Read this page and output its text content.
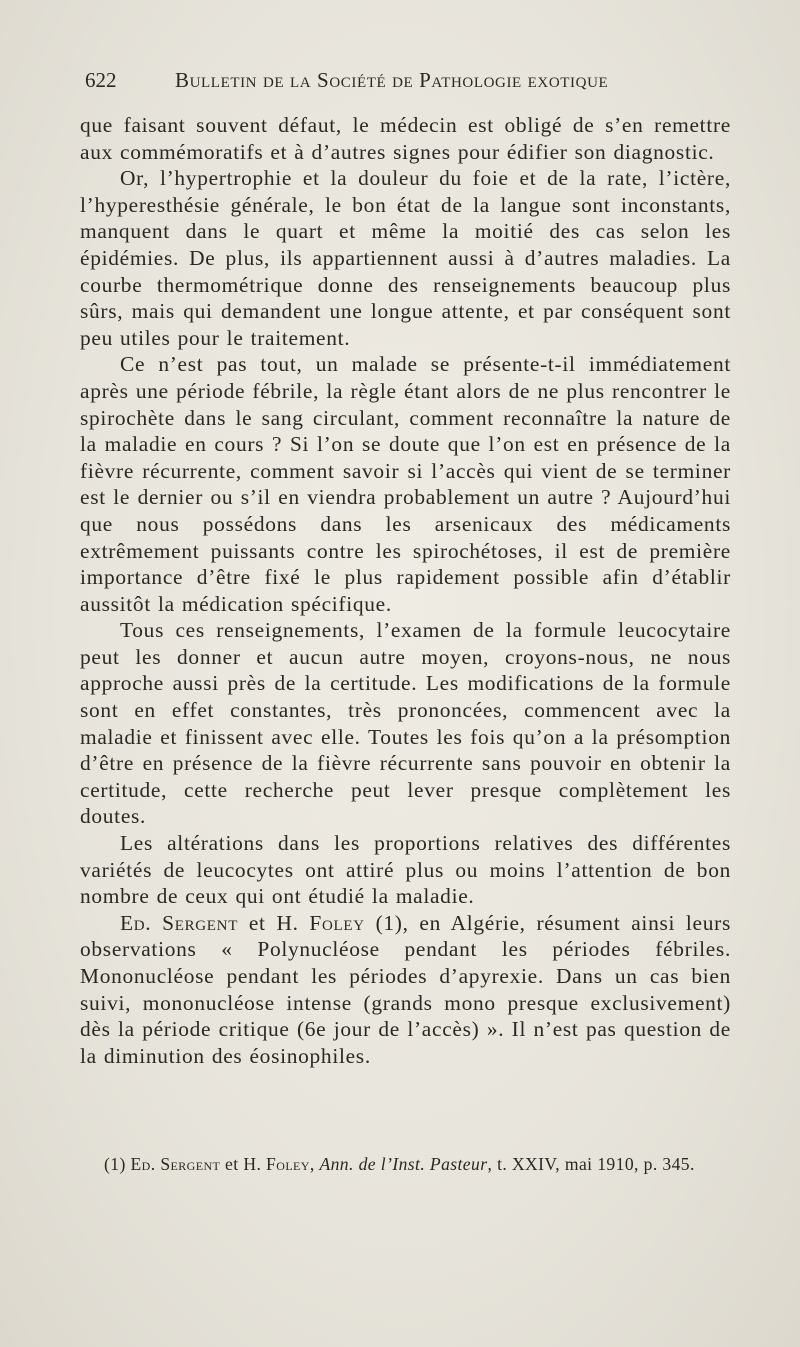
622	Bulletin de la Société de Pathologie exotique

que faisant souvent défaut, le médecin est obligé de s’en remettre aux commémoratifs et à d’autres signes pour édifier son diagnostic.

Or, l’hypertrophie et la douleur du foie et de la rate, l’ictère, l’hyperesthésie générale, le bon état de la langue sont inconstants, manquent dans le quart et même la moitié des cas selon les épidémies. De plus, ils appartiennent aussi à d’autres maladies. La courbe thermométrique donne des renseignements beaucoup plus sûrs, mais qui demandent une longue attente, et par conséquent sont peu utiles pour le traitement.

Ce n’est pas tout, un malade se présente-t-il immédiatement après une période fébrile, la règle étant alors de ne plus rencontrer le spirochète dans le sang circulant, comment reconnaître la nature de la maladie en cours ? Si l’on se doute que l’on est en présence de la fièvre récurrente, comment savoir si l’accès qui vient de se terminer est le dernier ou s’il en viendra probablement un autre ? Aujourd’hui que nous possédons dans les arsenicaux des médicaments extrêmement puissants contre les spirochétoses, il est de première importance d’être fixé le plus rapidement possible afin d’établir aussitôt la médication spécifique.

Tous ces renseignements, l’examen de la formule leucocytaire peut les donner et aucun autre moyen, croyons-nous, ne nous approche aussi près de la certitude. Les modifications de la formule sont en effet constantes, très prononcées, commencent avec la maladie et finissent avec elle. Toutes les fois qu’on a la présomption d’être en présence de la fièvre récurrente sans pouvoir en obtenir la certitude, cette recherche peut lever presque complètement les doutes.

Les altérations dans les proportions relatives des différentes variétés de leucocytes ont attiré plus ou moins l’attention de bon nombre de ceux qui ont étudié la maladie.

Ed. Sergent et H. Foley (1), en Algérie, résument ainsi leurs observations « Polynucléose pendant les périodes fébriles. Mononucléose pendant les périodes d’apyrexie. Dans un cas bien suivi, mononucléose intense (grands mono presque exclusivement) dès la période critique (6e jour de l’accès) ». Il n’est pas question de la diminution des éosinophiles.

(1) Ed. Sergent et H. Foley, Ann. de l’Inst. Pasteur, t. XXIV, mai 1910, p. 345.
